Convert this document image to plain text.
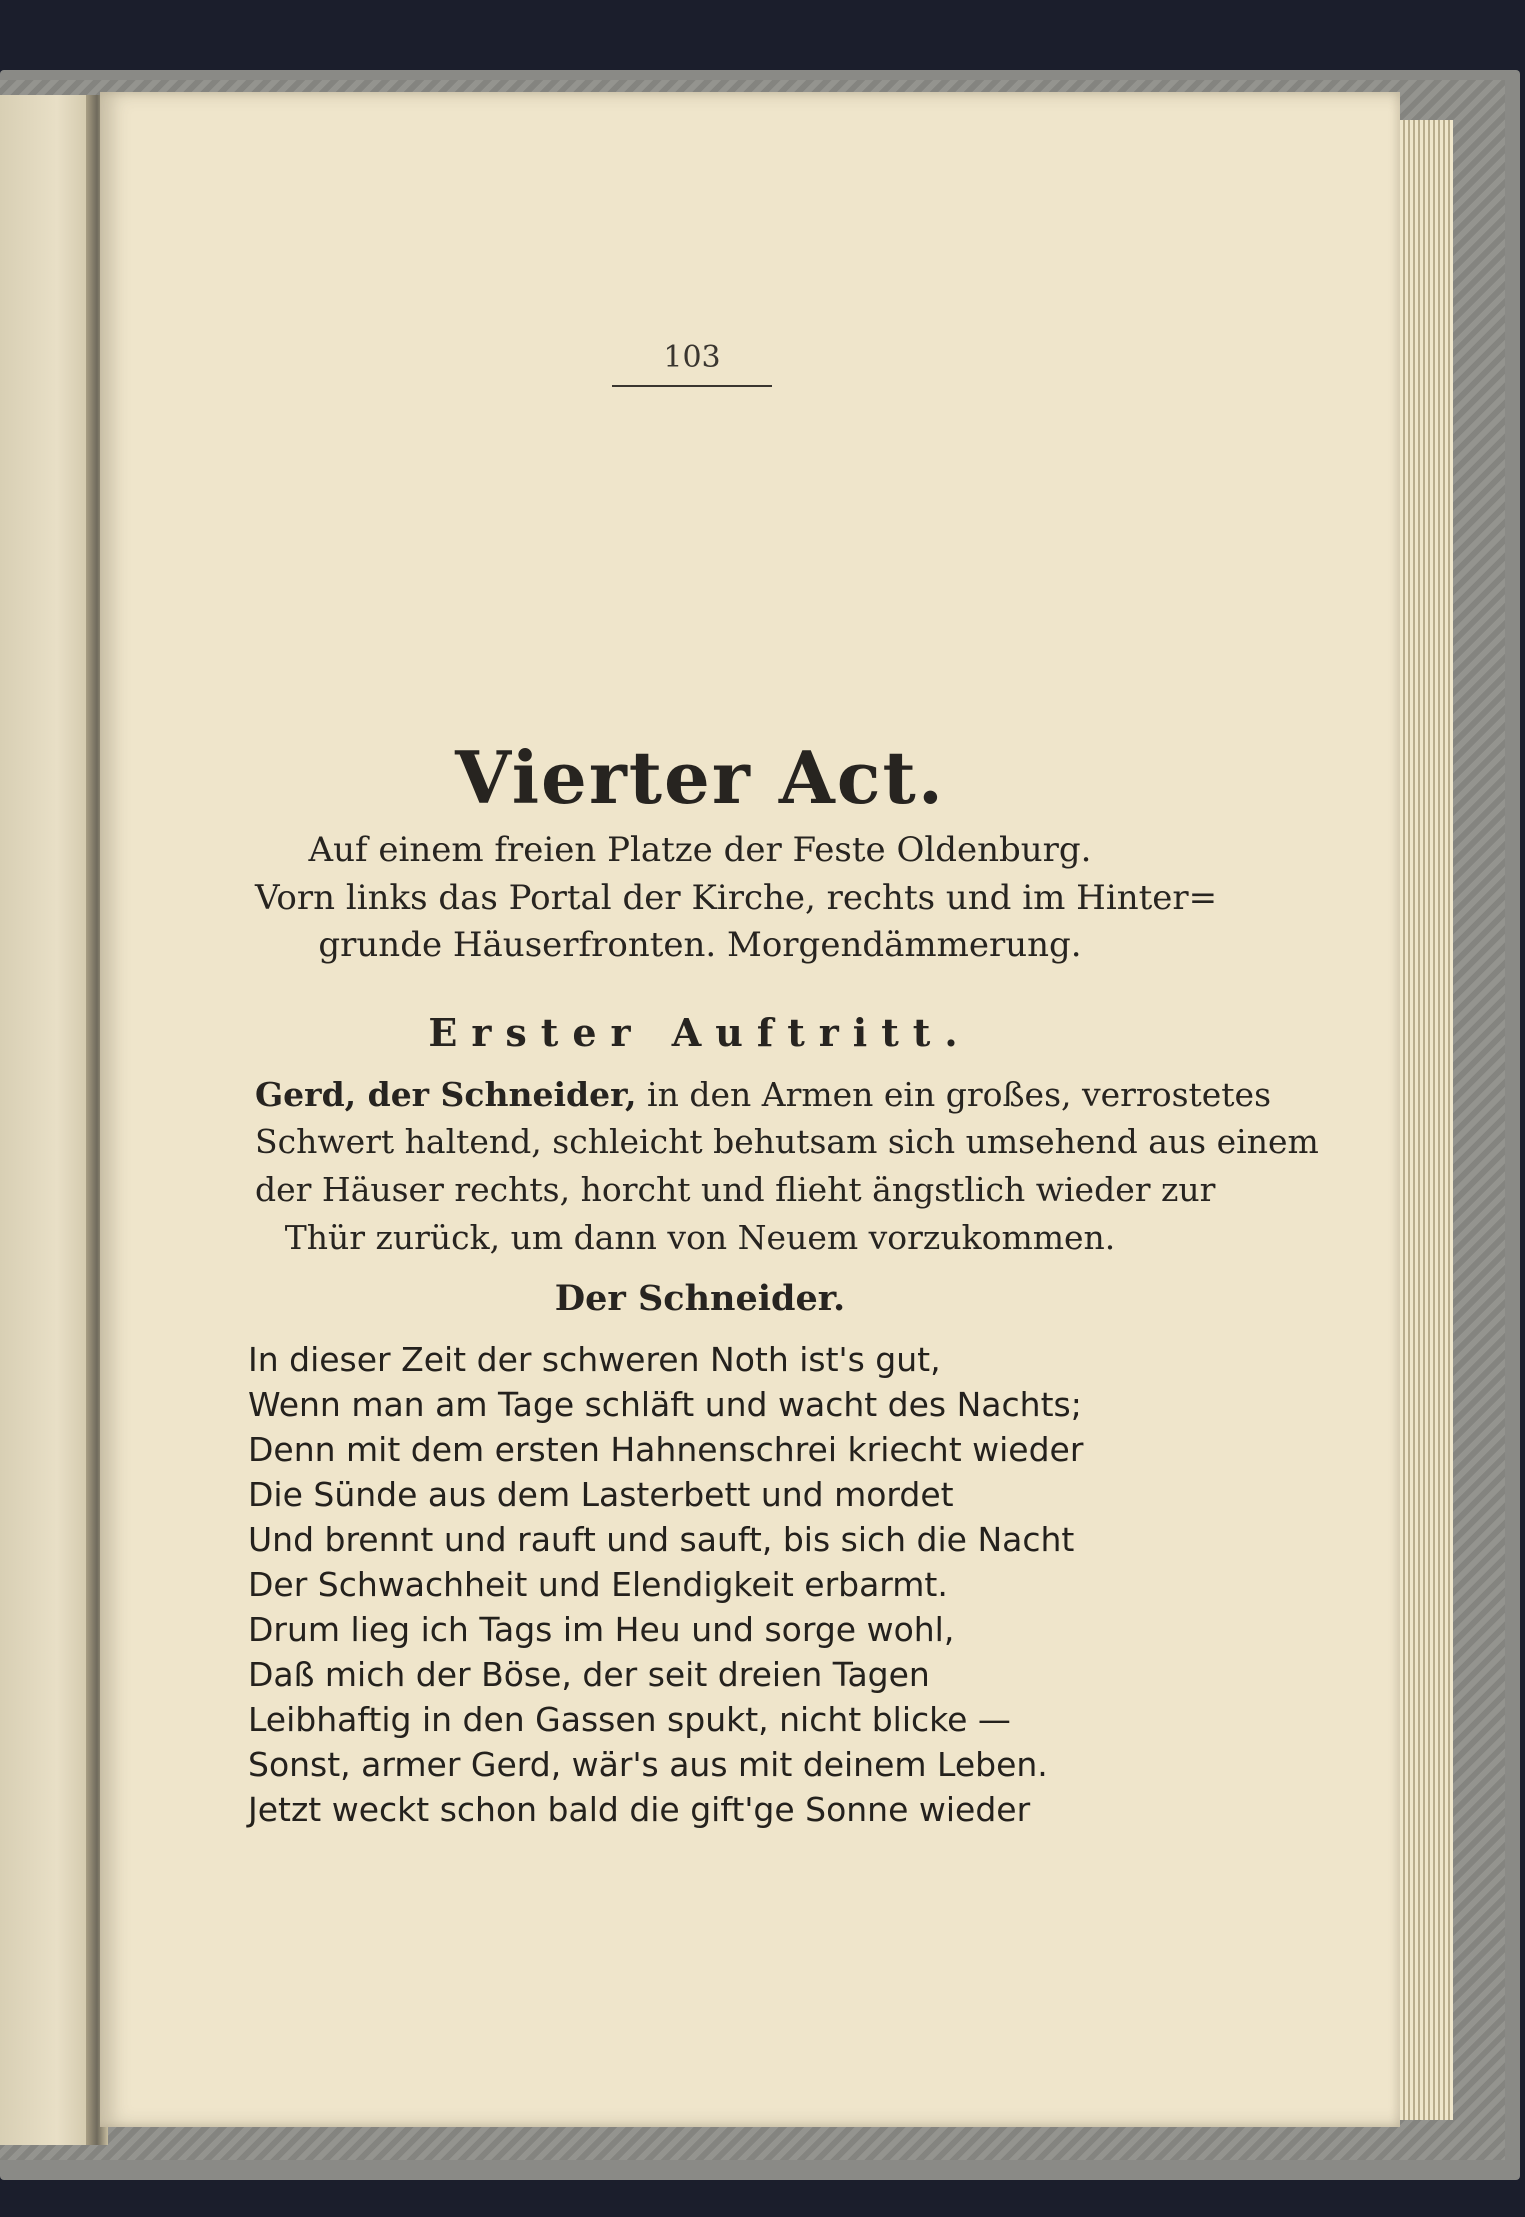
103
Vierter Act.
Auf einem freien Platze der Feste Oldenburg.
Vorn links das Portal der Kirche, rechts und im Hinter=
grunde Häuserfronten. Morgendämmerung.
Erster Auftritt.
Gerd, der Schneider, in den Armen ein großes, verrostetes
Schwert haltend, schleicht behutsam sich umsehend aus einem
der Häuser rechts, horcht und flieht ängstlich wieder zur
Thür zurück, um dann von Neuem vorzukommen.
Der Schneider.
In dieser Zeit der schweren Noth ist's gut,
Wenn man am Tage schläft und wacht des Nachts;
Denn mit dem ersten Hahnenschrei kriecht wieder
Die Sünde aus dem Lasterbett und mordet
Und brennt und rauft und sauft, bis sich die Nacht
Der Schwachheit und Elendigkeit erbarmt.
Drum lieg ich Tags im Heu und sorge wohl,
Daß mich der Böse, der seit dreien Tagen
Leibhaftig in den Gassen spukt, nicht blicke —
Sonst, armer Gerd, wär's aus mit deinem Leben.
Jetzt weckt schon bald die gift'ge Sonne wieder
